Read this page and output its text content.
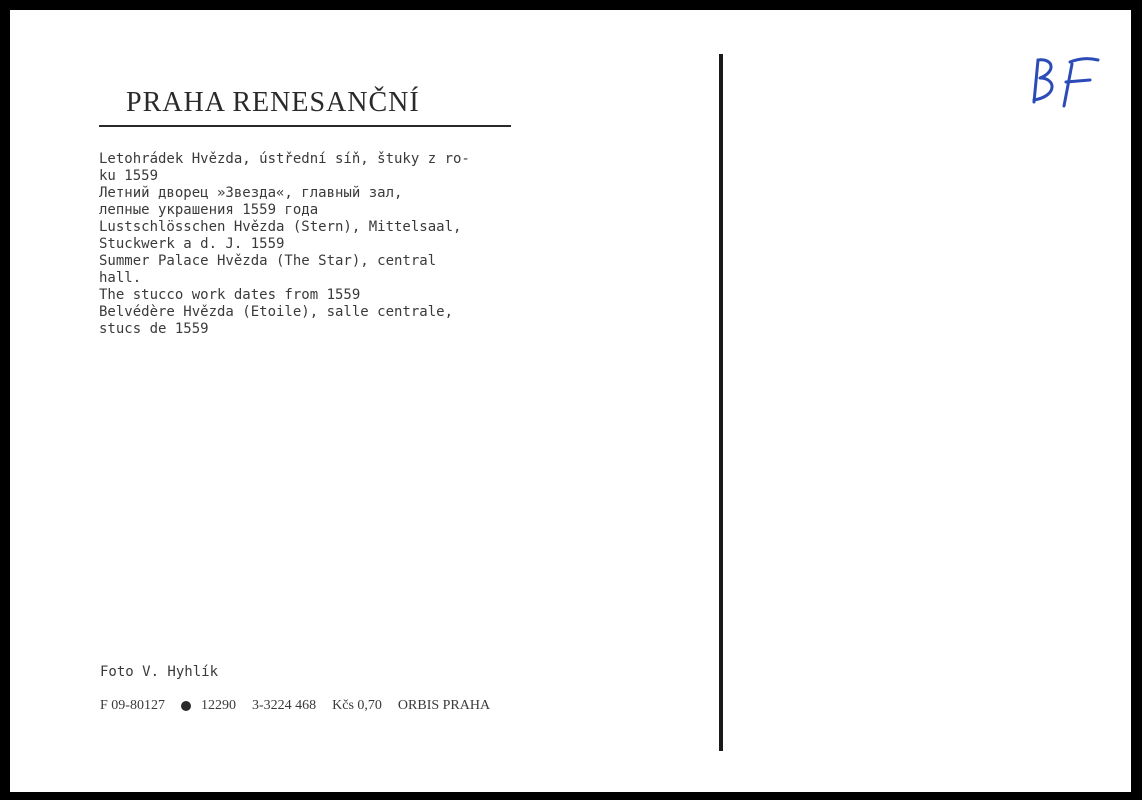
PRAHA RENESANČNÍ
Letohrádek Hvězda, ústřední síň, štuky z ro-
ku 1559
Летний дворец »Звезда«, главный зал,
лепные украшения 1559 года
Lustschlösschen Hvězda (Stern), Mittelsaal,
Stuckwerk a d. J. 1559
Summer Palace Hvězda (The Star), central
hall.
The stucco work dates from 1559
Belvédère Hvězda (Etoile), salle centrale,
stucs de 1559
Foto V. Hyhlík
F 09-80127	12290 3-3224 468 Kčs 0,70 ORBIS PRAHA
